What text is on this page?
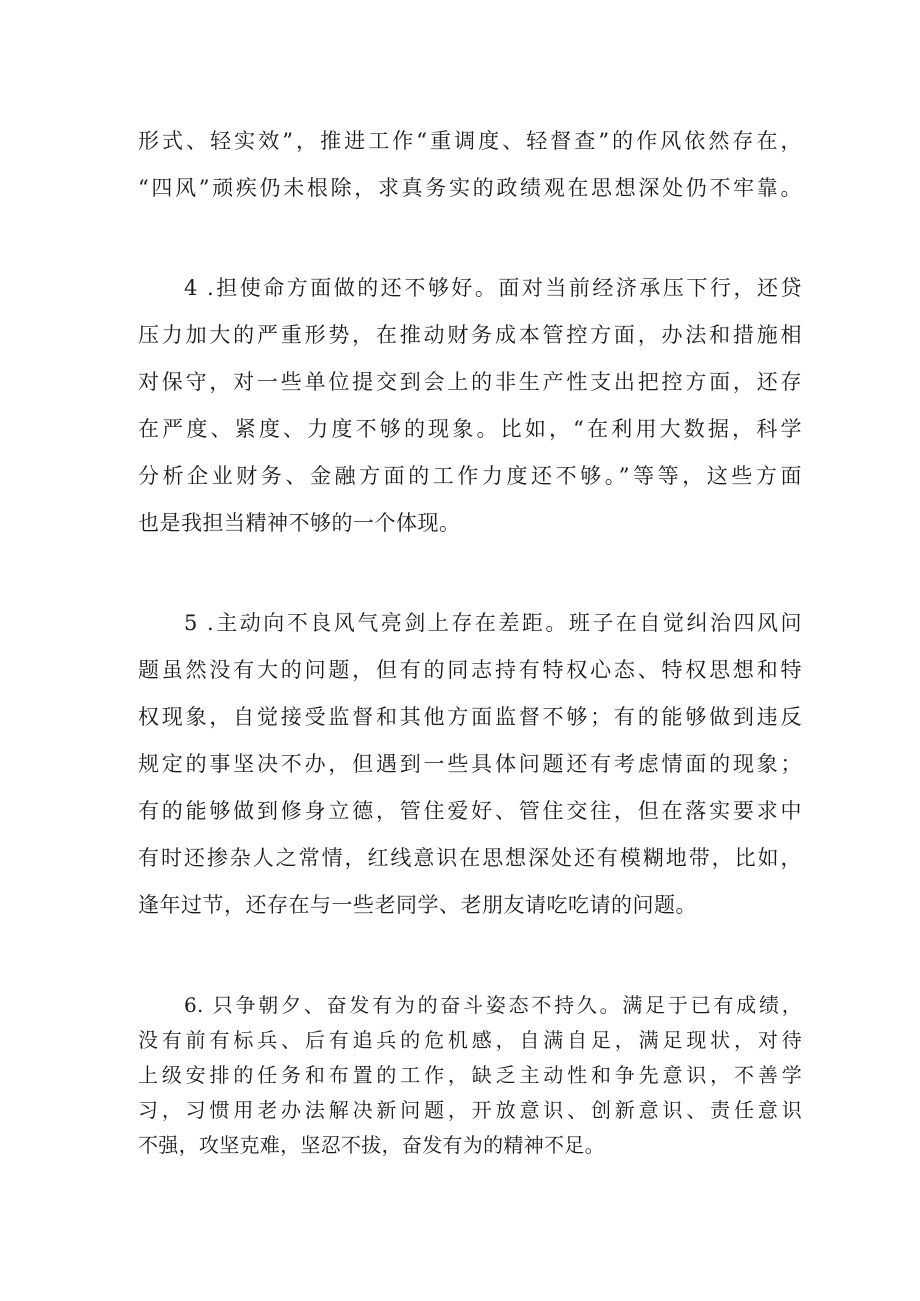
形式、轻实效”，推进工作“重调度、轻督查”的作风依然存在，
“四风”顽疾仍未根除，求真务实的政绩观在思想深处仍不牢靠。
4 .担使命方面做的还不够好。面对当前经济承压下行，还贷
压力加大的严重形势，在推动财务成本管控方面，办法和措施相
对保守，对一些单位提交到会上的非生产性支出把控方面，还存
在严度、紧度、力度不够的现象。比如，“在利用大数据，科学
分析企业财务、金融方面的工作力度还不够。”等等，这些方面
也是我担当精神不够的一个体现。
5 .主动向不良风气亮剑上存在差距。班子在自觉纠治四风问
题虽然没有大的问题，但有的同志持有特权心态、特权思想和特
权现象，自觉接受监督和其他方面监督不够；有的能够做到违反
规定的事坚决不办，但遇到一些具体问题还有考虑情面的现象；
有的能够做到修身立德，管住爱好、管住交往，但在落实要求中
有时还掺杂人之常情，红线意识在思想深处还有模糊地带，比如，
逢年过节，还存在与一些老同学、老朋友请吃吃请的问题。
6. 只争朝夕、奋发有为的奋斗姿态不持久。满足于已有成绩，
没有前有标兵、后有追兵的危机感，自满自足，满足现状，对待
上级安排的任务和布置的工作，缺乏主动性和争先意识，不善学
习，习惯用老办法解决新问题，开放意识、创新意识、责任意识
不强，攻坚克难，坚忍不拔，奋发有为的精神不足。
